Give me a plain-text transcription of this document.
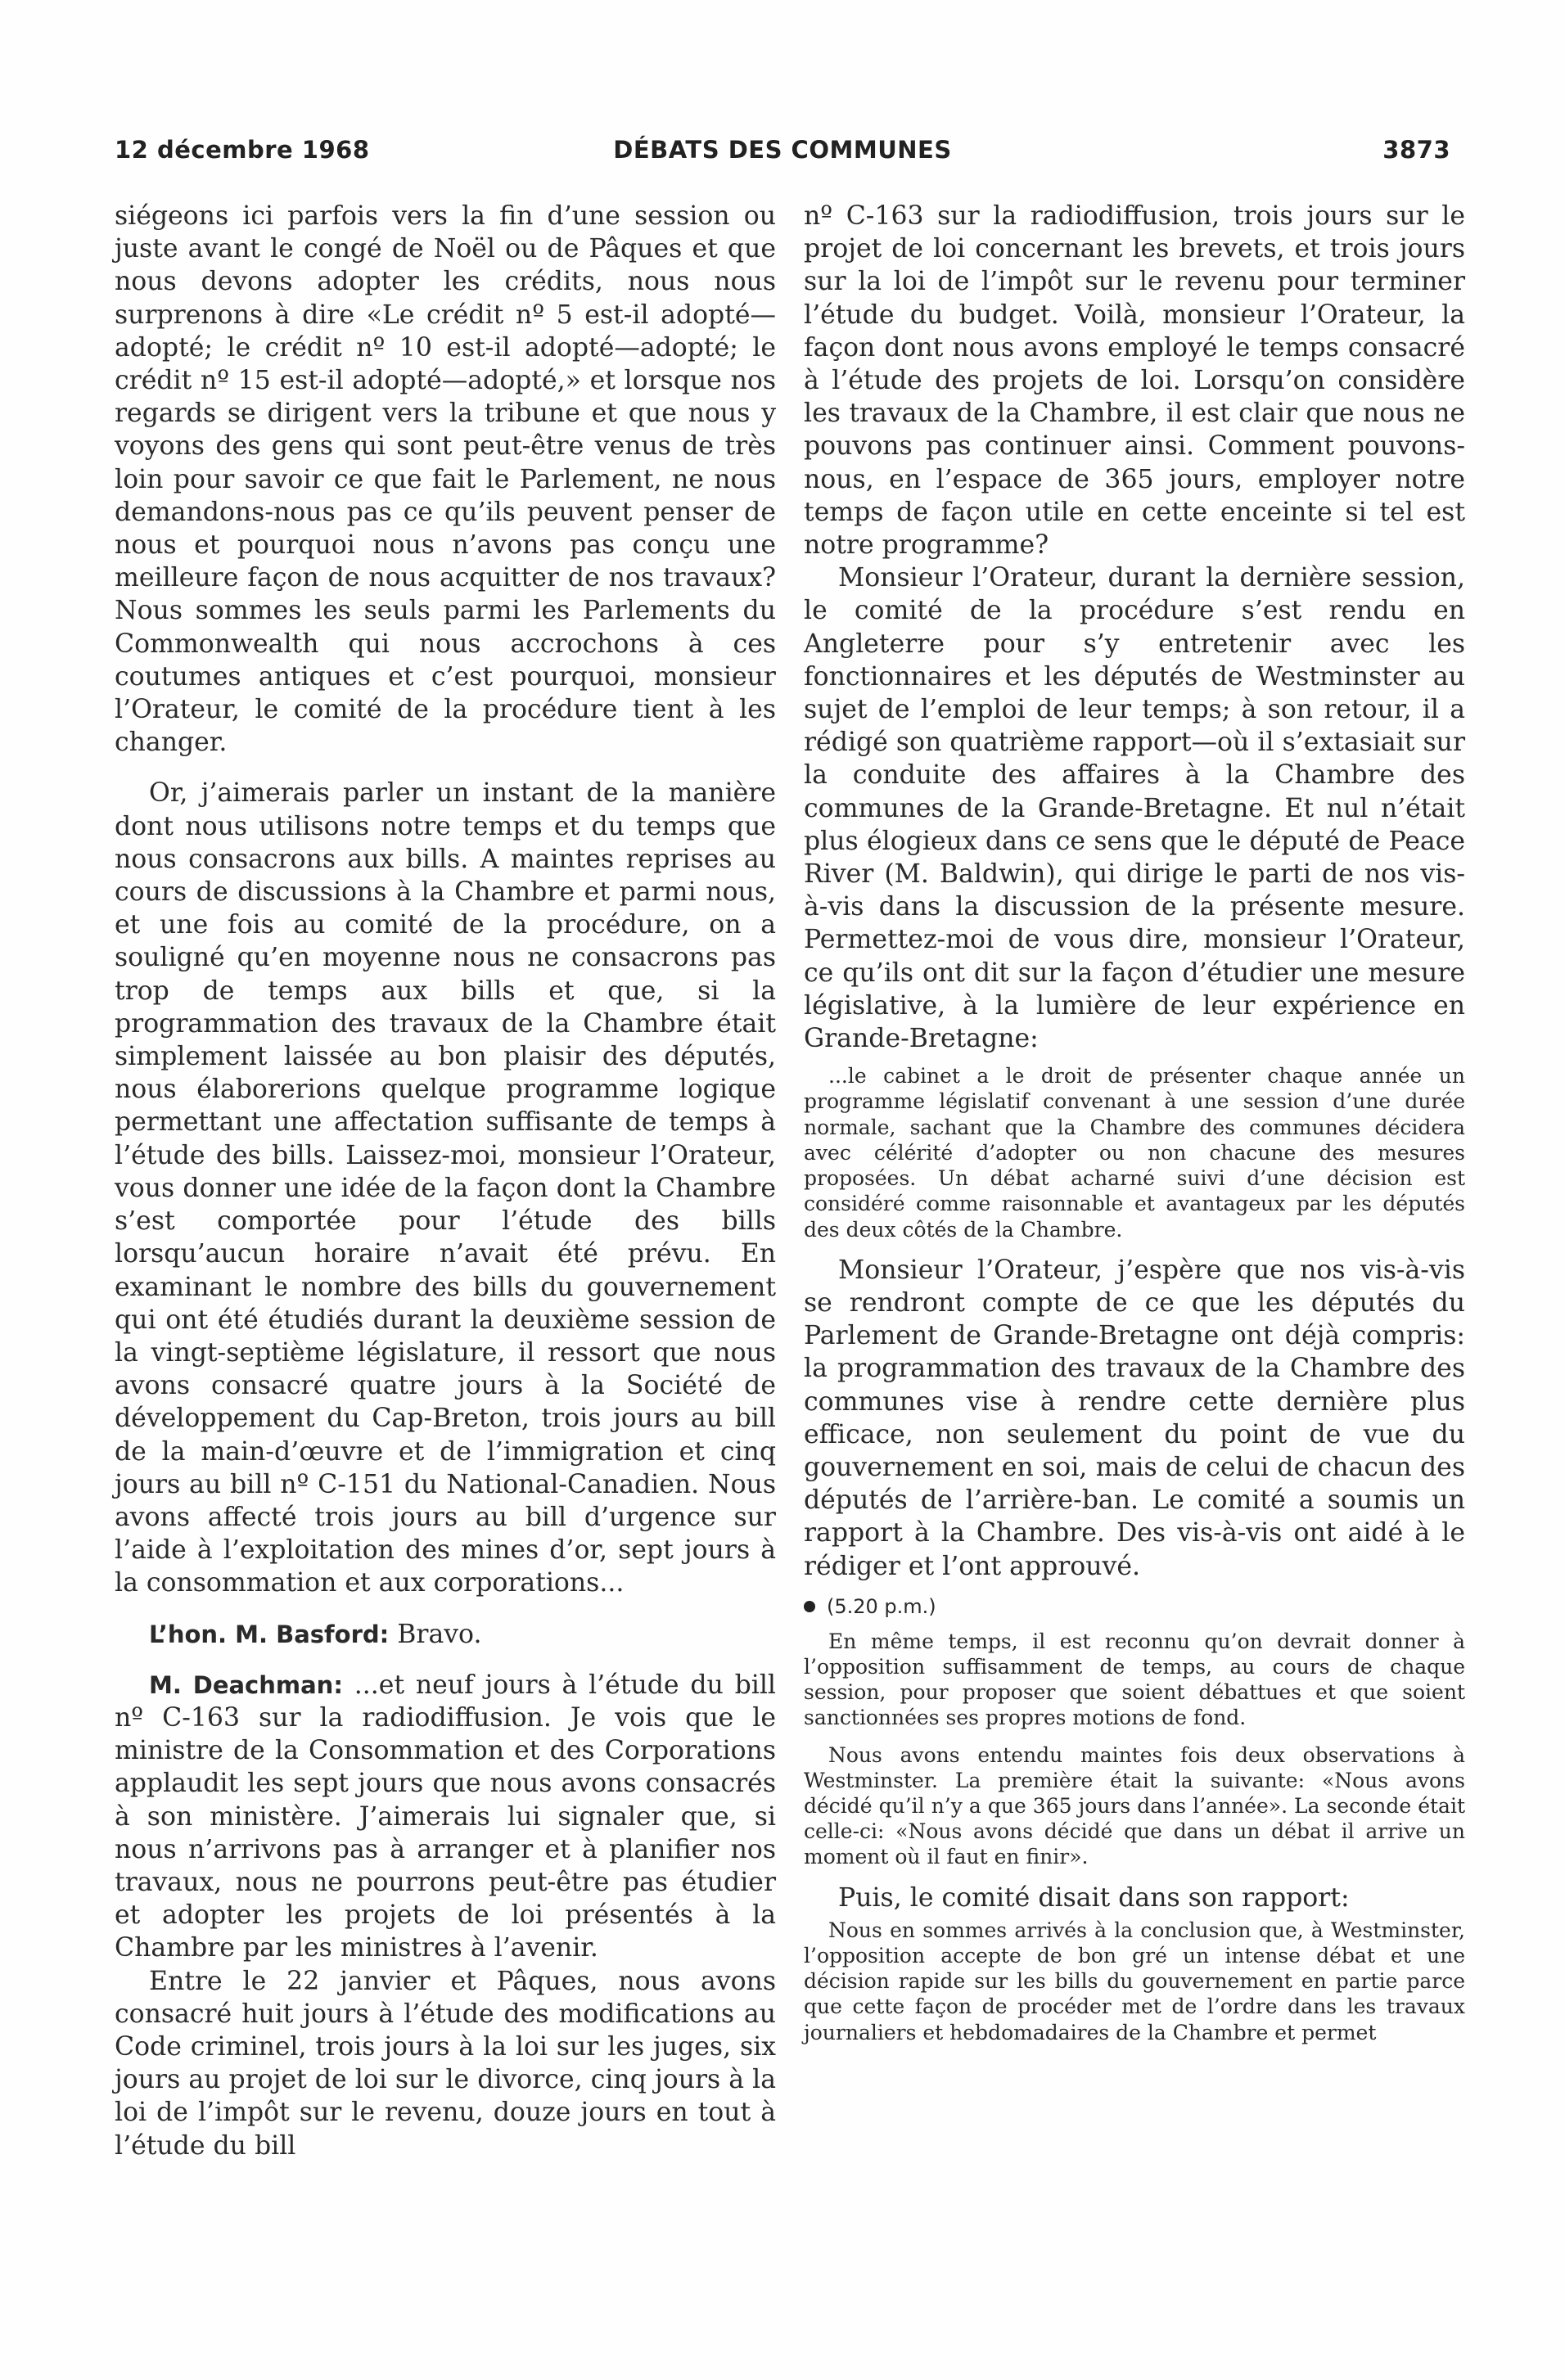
12 décembre 1968	DÉBATS DES COMMUNES	3873

siégeons ici parfois vers la fin d’une session ou juste avant le congé de Noël ou de Pâques et que nous devons adopter les crédits, nous nous surprenons à dire «Le crédit nº 5 est-il adopté—adopté; le crédit nº 10 est-il adopté—adopté; le crédit nº 15 est-il adopté—adopté,» et lorsque nos regards se dirigent vers la tribune et que nous y voyons des gens qui sont peut-être venus de très loin pour savoir ce que fait le Parlement, ne nous demandons-nous pas ce qu’ils peuvent penser de nous et pourquoi nous n’avons pas conçu une meilleure façon de nous acquitter de nos travaux? Nous sommes les seuls parmi les Parlements du Commonwealth qui nous accrochons à ces coutumes antiques et c’est pourquoi, monsieur l’Orateur, le comité de la procédure tient à les changer.

Or, j’aimerais parler un instant de la manière dont nous utilisons notre temps et du temps que nous consacrons aux bills. A maintes reprises au cours de discussions à la Chambre et parmi nous, et une fois au comité de la procédure, on a souligné qu’en moyenne nous ne consacrons pas trop de temps aux bills et que, si la programmation des travaux de la Chambre était simplement laissée au bon plaisir des députés, nous élaborerions quelque programme logique permettant une affectation suffisante de temps à l’étude des bills. Laissez-moi, monsieur l’Orateur, vous donner une idée de la façon dont la Chambre s’est comportée pour l’étude des bills lorsqu’aucun horaire n’avait été prévu. En examinant le nombre des bills du gouvernement qui ont été étudiés durant la deuxième session de la vingt-septième législature, il ressort que nous avons consacré quatre jours à la Société de développement du Cap-Breton, trois jours au bill de la main-d’œuvre et de l’immigration et cinq jours au bill nº C-151 du National-Canadien. Nous avons affecté trois jours au bill d’urgence sur l’aide à l’exploitation des mines d’or, sept jours à la consommation et aux corporations...

L’hon. M. Basford: Bravo.

M. Deachman: ...et neuf jours à l’étude du bill nº C-163 sur la radiodiffusion. Je vois que le ministre de la Consommation et des Corporations applaudit les sept jours que nous avons consacrés à son ministère. J’aimerais lui signaler que, si nous n’arrivons pas à arranger et à planifier nos travaux, nous ne pourrons peut-être pas étudier et adopter les projets de loi présentés à la Chambre par les ministres à l’avenir.

Entre le 22 janvier et Pâques, nous avons consacré huit jours à l’étude des modifications au Code criminel, trois jours à la loi sur les juges, six jours au projet de loi sur le divorce, cinq jours à la loi de l’impôt sur le revenu, douze jours en tout à l’étude du bill

nº C-163 sur la radiodiffusion, trois jours sur le projet de loi concernant les brevets, et trois jours sur la loi de l’impôt sur le revenu pour terminer l’étude du budget. Voilà, monsieur l’Orateur, la façon dont nous avons employé le temps consacré à l’étude des projets de loi. Lorsqu’on considère les travaux de la Chambre, il est clair que nous ne pouvons pas continuer ainsi. Comment pouvons-nous, en l’espace de 365 jours, employer notre temps de façon utile en cette enceinte si tel est notre programme?

Monsieur l’Orateur, durant la dernière session, le comité de la procédure s’est rendu en Angleterre pour s’y entretenir avec les fonctionnaires et les députés de Westminster au sujet de l’emploi de leur temps; à son retour, il a rédigé son quatrième rapport—où il s’extasiait sur la conduite des affaires à la Chambre des communes de la Grande-Bretagne. Et nul n’était plus élogieux dans ce sens que le député de Peace River (M. Baldwin), qui dirige le parti de nos vis-à-vis dans la discussion de la présente mesure. Permettez-moi de vous dire, monsieur l’Orateur, ce qu’ils ont dit sur la façon d’étudier une mesure législative, à la lumière de leur expérience en Grande-Bretagne:

...le cabinet a le droit de présenter chaque année un programme législatif convenant à une session d’une durée normale, sachant que la Chambre des communes décidera avec célérité d’adopter ou non chacune des mesures proposées. Un débat acharné suivi d’une décision est considéré comme raisonnable et avantageux par les députés des deux côtés de la Chambre.

Monsieur l’Orateur, j’espère que nos vis-à-vis se rendront compte de ce que les députés du Parlement de Grande-Bretagne ont déjà compris: la programmation des travaux de la Chambre des communes vise à rendre cette dernière plus efficace, non seulement du point de vue du gouvernement en soi, mais de celui de chacun des députés de l’arrière-ban. Le comité a soumis un rapport à la Chambre. Des vis-à-vis ont aidé à le rédiger et l’ont approuvé.

(5.20 p.m.)

En même temps, il est reconnu qu’on devrait donner à l’opposition suffisamment de temps, au cours de chaque session, pour proposer que soient débattues et que soient sanctionnées ses propres motions de fond.

Nous avons entendu maintes fois deux observations à Westminster. La première était la suivante: «Nous avons décidé qu’il n’y a que 365 jours dans l’année». La seconde était celle-ci: «Nous avons décidé que dans un débat il arrive un moment où il faut en finir».

Puis, le comité disait dans son rapport:

Nous en sommes arrivés à la conclusion que, à Westminster, l’opposition accepte de bon gré un intense débat et une décision rapide sur les bills du gouvernement en partie parce que cette façon de procéder met de l’ordre dans les travaux journaliers et hebdomadaires de la Chambre et permet
